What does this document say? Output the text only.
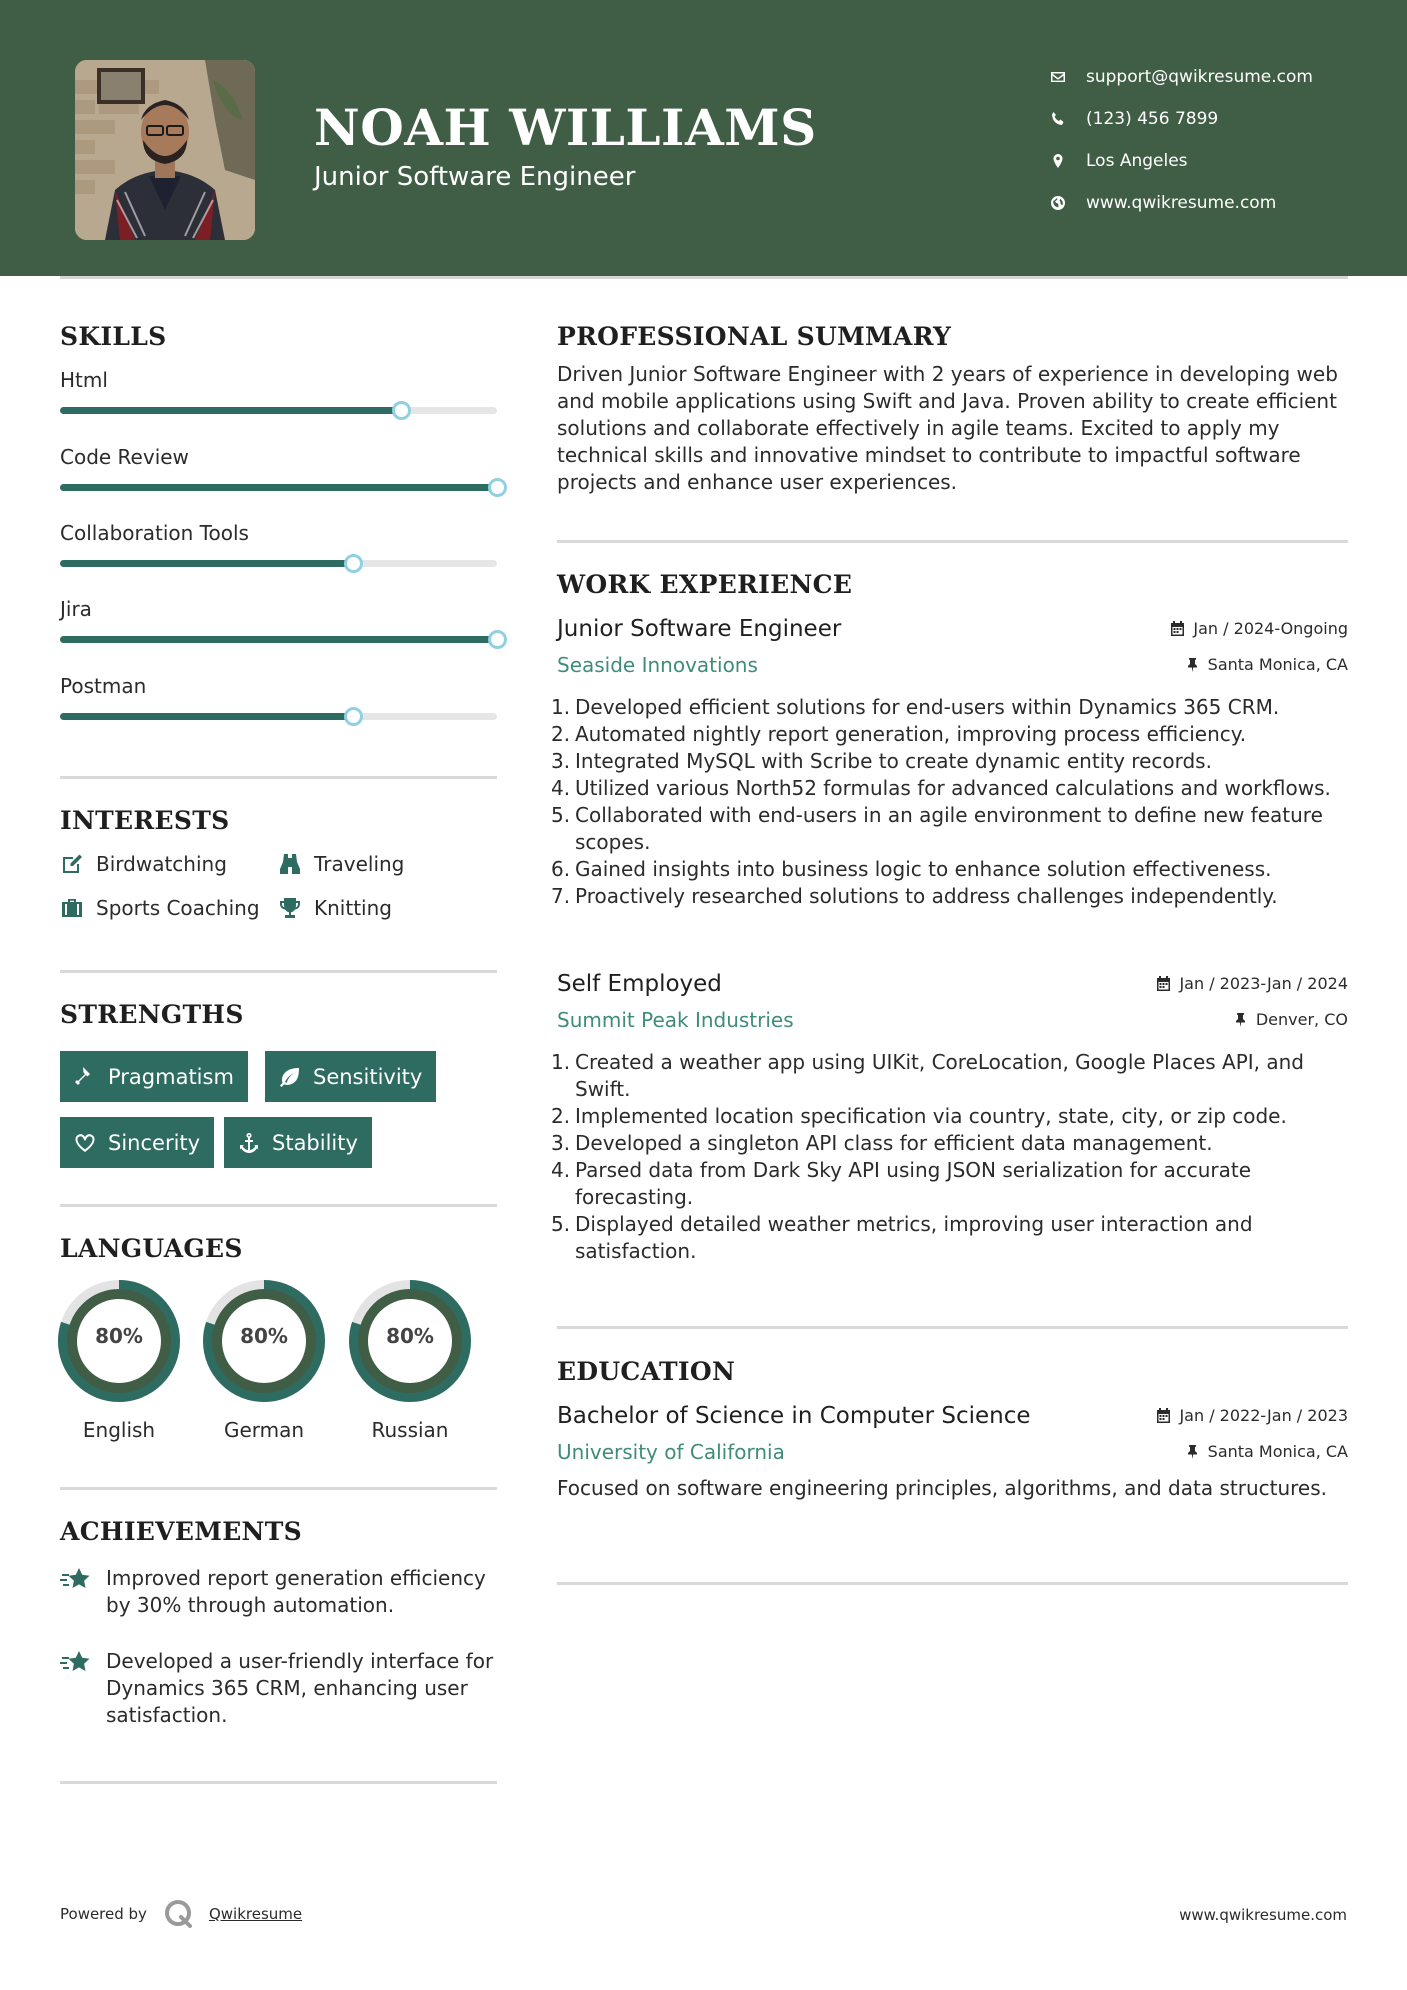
NOAH WILLIAMS
Junior Software Engineer
support@qwikresume.com
(123) 456 7899
Los Angeles
www.qwikresume.com
SKILLS
Html
Code Review
Collaboration Tools
Jira
Postman
INTERESTS
Birdwatching	Traveling
Sports Coaching	Knitting
STRENGTHS
Pragmatism	Sensitivity
Sincerity	Stability
LANGUAGES
80%
English
80%
German
80%
Russian
ACHIEVEMENTS
Improved report generation efficiency by 30% through automation.
Developed a user-friendly interface for Dynamics 365 CRM, enhancing user satisfaction.
PROFESSIONAL SUMMARY
Driven Junior Software Engineer with 2 years of experience in developing web and mobile applications using Swift and Java. Proven ability to create efficient solutions and collaborate effectively in agile teams. Excited to apply my technical skills and innovative mindset to contribute to impactful software projects and enhance user experiences.
WORK EXPERIENCE
Junior Software Engineer	Jan / 2024-Ongoing
Seaside Innovations	Santa Monica, CA
1. Developed efficient solutions for end-users within Dynamics 365 CRM.
2. Automated nightly report generation, improving process efficiency.
3. Integrated MySQL with Scribe to create dynamic entity records.
4. Utilized various North52 formulas for advanced calculations and workflows.
5. Collaborated with end-users in an agile environment to define new feature scopes.
6. Gained insights into business logic to enhance solution effectiveness.
7. Proactively researched solutions to address challenges independently.
Self Employed	Jan / 2023-Jan / 2024
Summit Peak Industries	Denver, CO
1. Created a weather app using UIKit, CoreLocation, Google Places API, and Swift.
2. Implemented location specification via country, state, city, or zip code.
3. Developed a singleton API class for efficient data management.
4. Parsed data from Dark Sky API using JSON serialization for accurate forecasting.
5. Displayed detailed weather metrics, improving user interaction and satisfaction.
EDUCATION
Bachelor of Science in Computer Science	Jan / 2022-Jan / 2023
University of California	Santa Monica, CA
Focused on software engineering principles, algorithms, and data structures.
Powered by	Qwikresume	www.qwikresume.com
